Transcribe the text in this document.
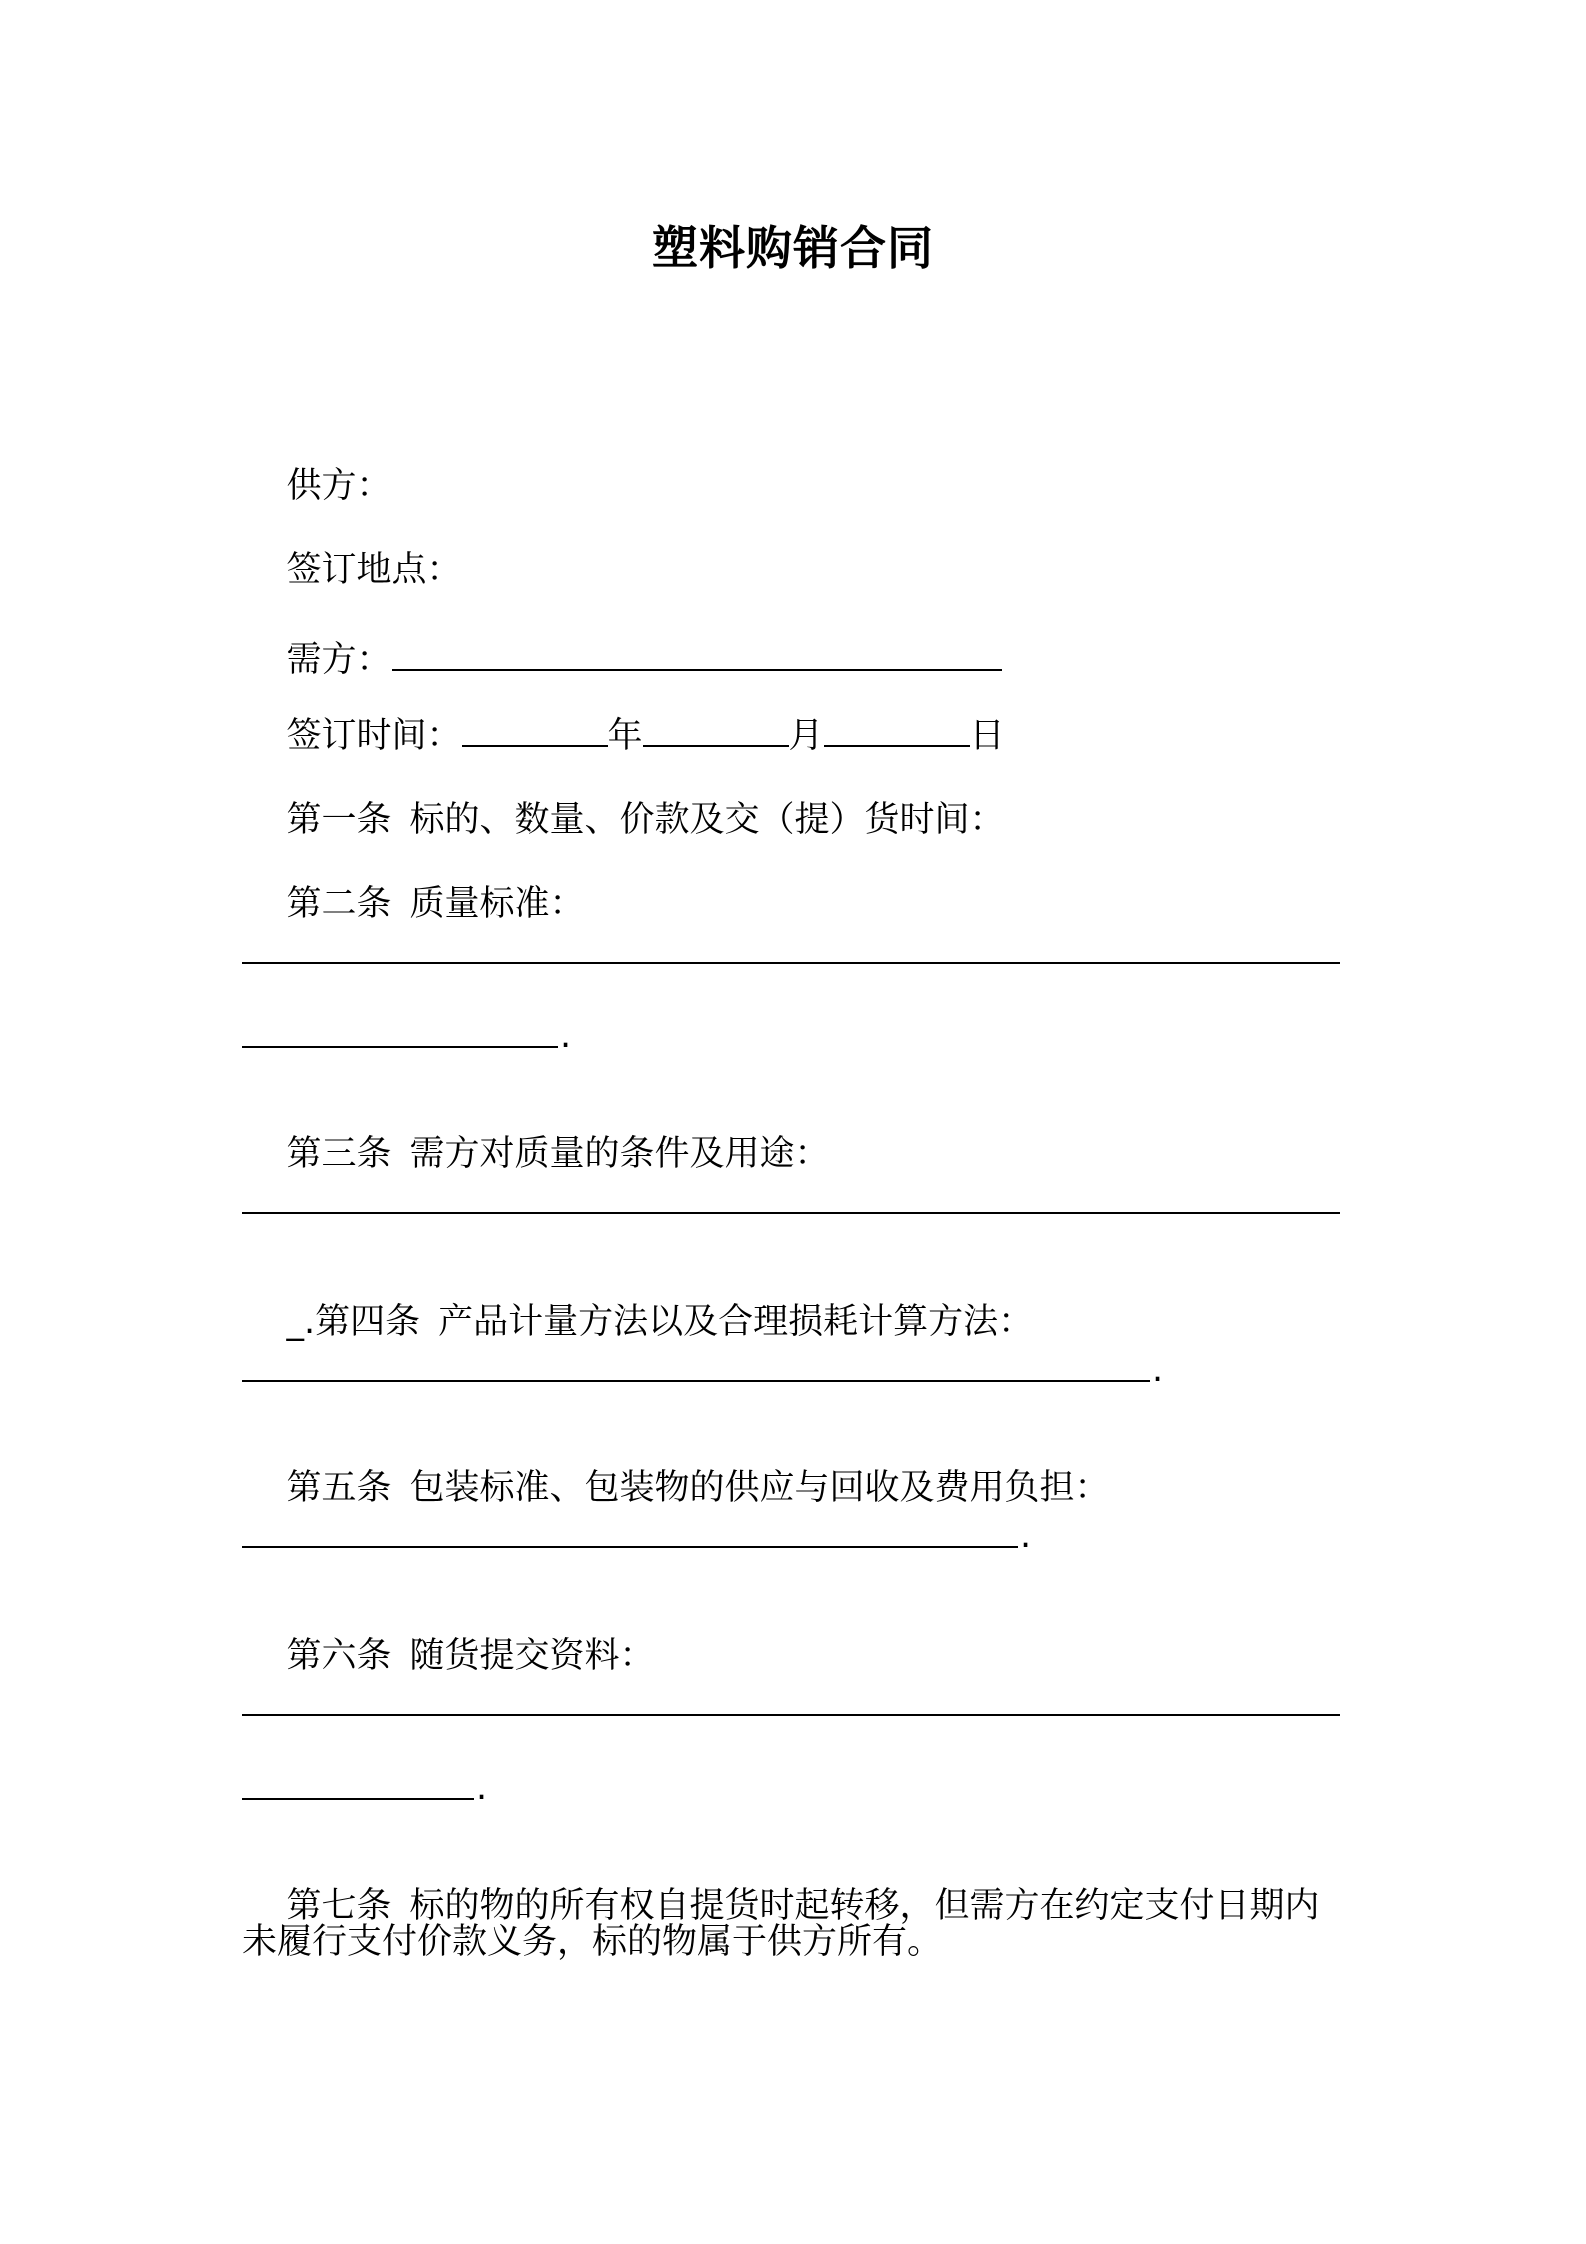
塑料购销合同

供方：

签订地点：

需方：

签订时间：	年	月	日

第一条 标的、数量、价款及交（提）货时间：

第二条 质量标准：

.

第三条 需方对质量的条件及用途：

_.第四条 产品计量方法以及合理损耗计算方法：

.

第五条 包装标准、包装物的供应与回收及费用负担：

.

第六条 随货提交资料：

.

第七条 标的物的所有权自提货时起转移，但需方在约定支付日期内

未履行支付价款义务，标的物属于供方所有。
